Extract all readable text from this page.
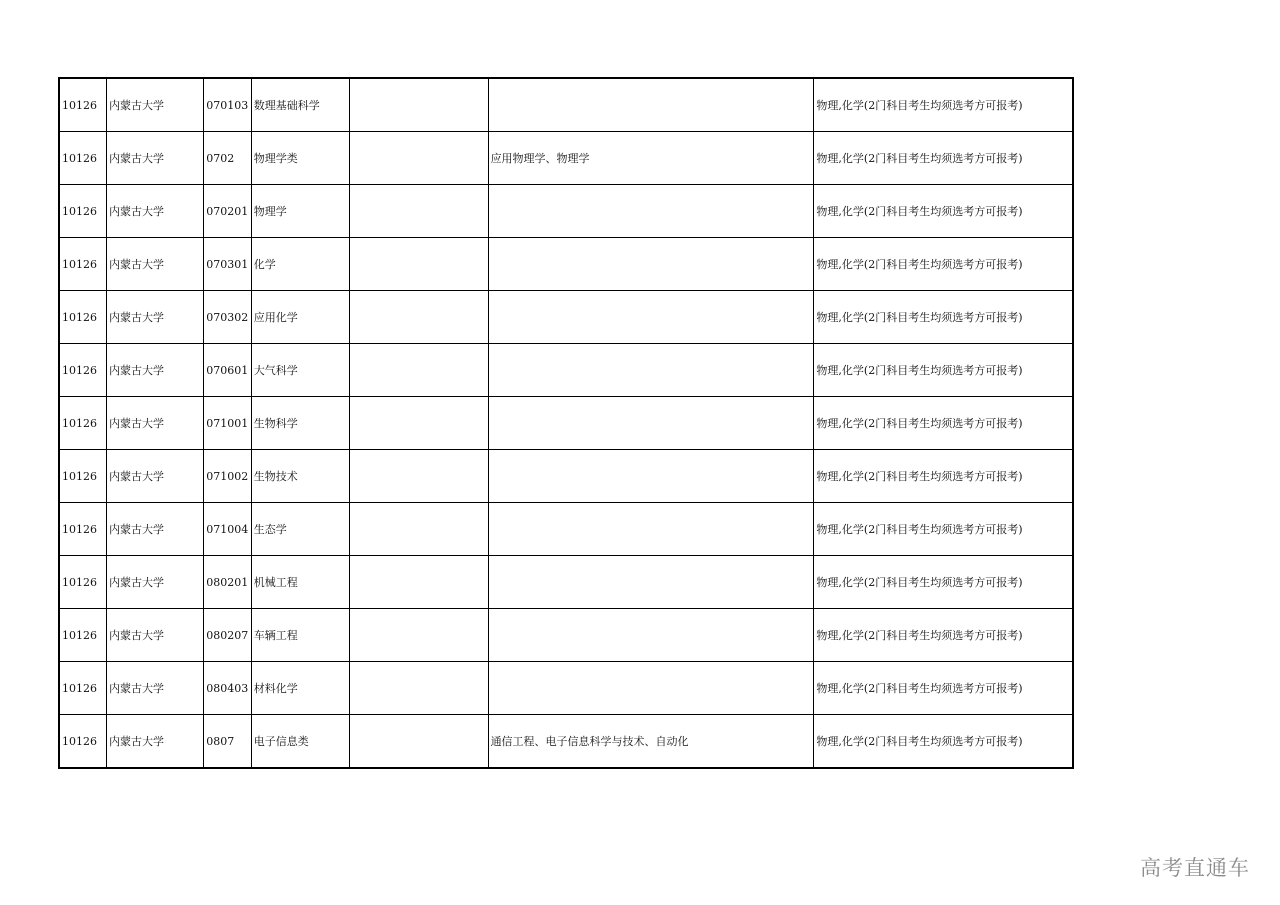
10126	内蒙古大学	070103	数理基础科学			物理,化学(2门科目考生均须选考方可报考)
10126	内蒙古大学	0702	物理学类		应用物理学、物理学	物理,化学(2门科目考生均须选考方可报考)
10126	内蒙古大学	070201	物理学			物理,化学(2门科目考生均须选考方可报考)
10126	内蒙古大学	070301	化学			物理,化学(2门科目考生均须选考方可报考)
10126	内蒙古大学	070302	应用化学			物理,化学(2门科目考生均须选考方可报考)
10126	内蒙古大学	070601	大气科学			物理,化学(2门科目考生均须选考方可报考)
10126	内蒙古大学	071001	生物科学			物理,化学(2门科目考生均须选考方可报考)
10126	内蒙古大学	071002	生物技术			物理,化学(2门科目考生均须选考方可报考)
10126	内蒙古大学	071004	生态学			物理,化学(2门科目考生均须选考方可报考)
10126	内蒙古大学	080201	机械工程			物理,化学(2门科目考生均须选考方可报考)
10126	内蒙古大学	080207	车辆工程			物理,化学(2门科目考生均须选考方可报考)
10126	内蒙古大学	080403	材料化学			物理,化学(2门科目考生均须选考方可报考)
10126	内蒙古大学	0807	电子信息类		通信工程、电子信息科学与技术、自动化	物理,化学(2门科目考生均须选考方可报考)
高考直通车
